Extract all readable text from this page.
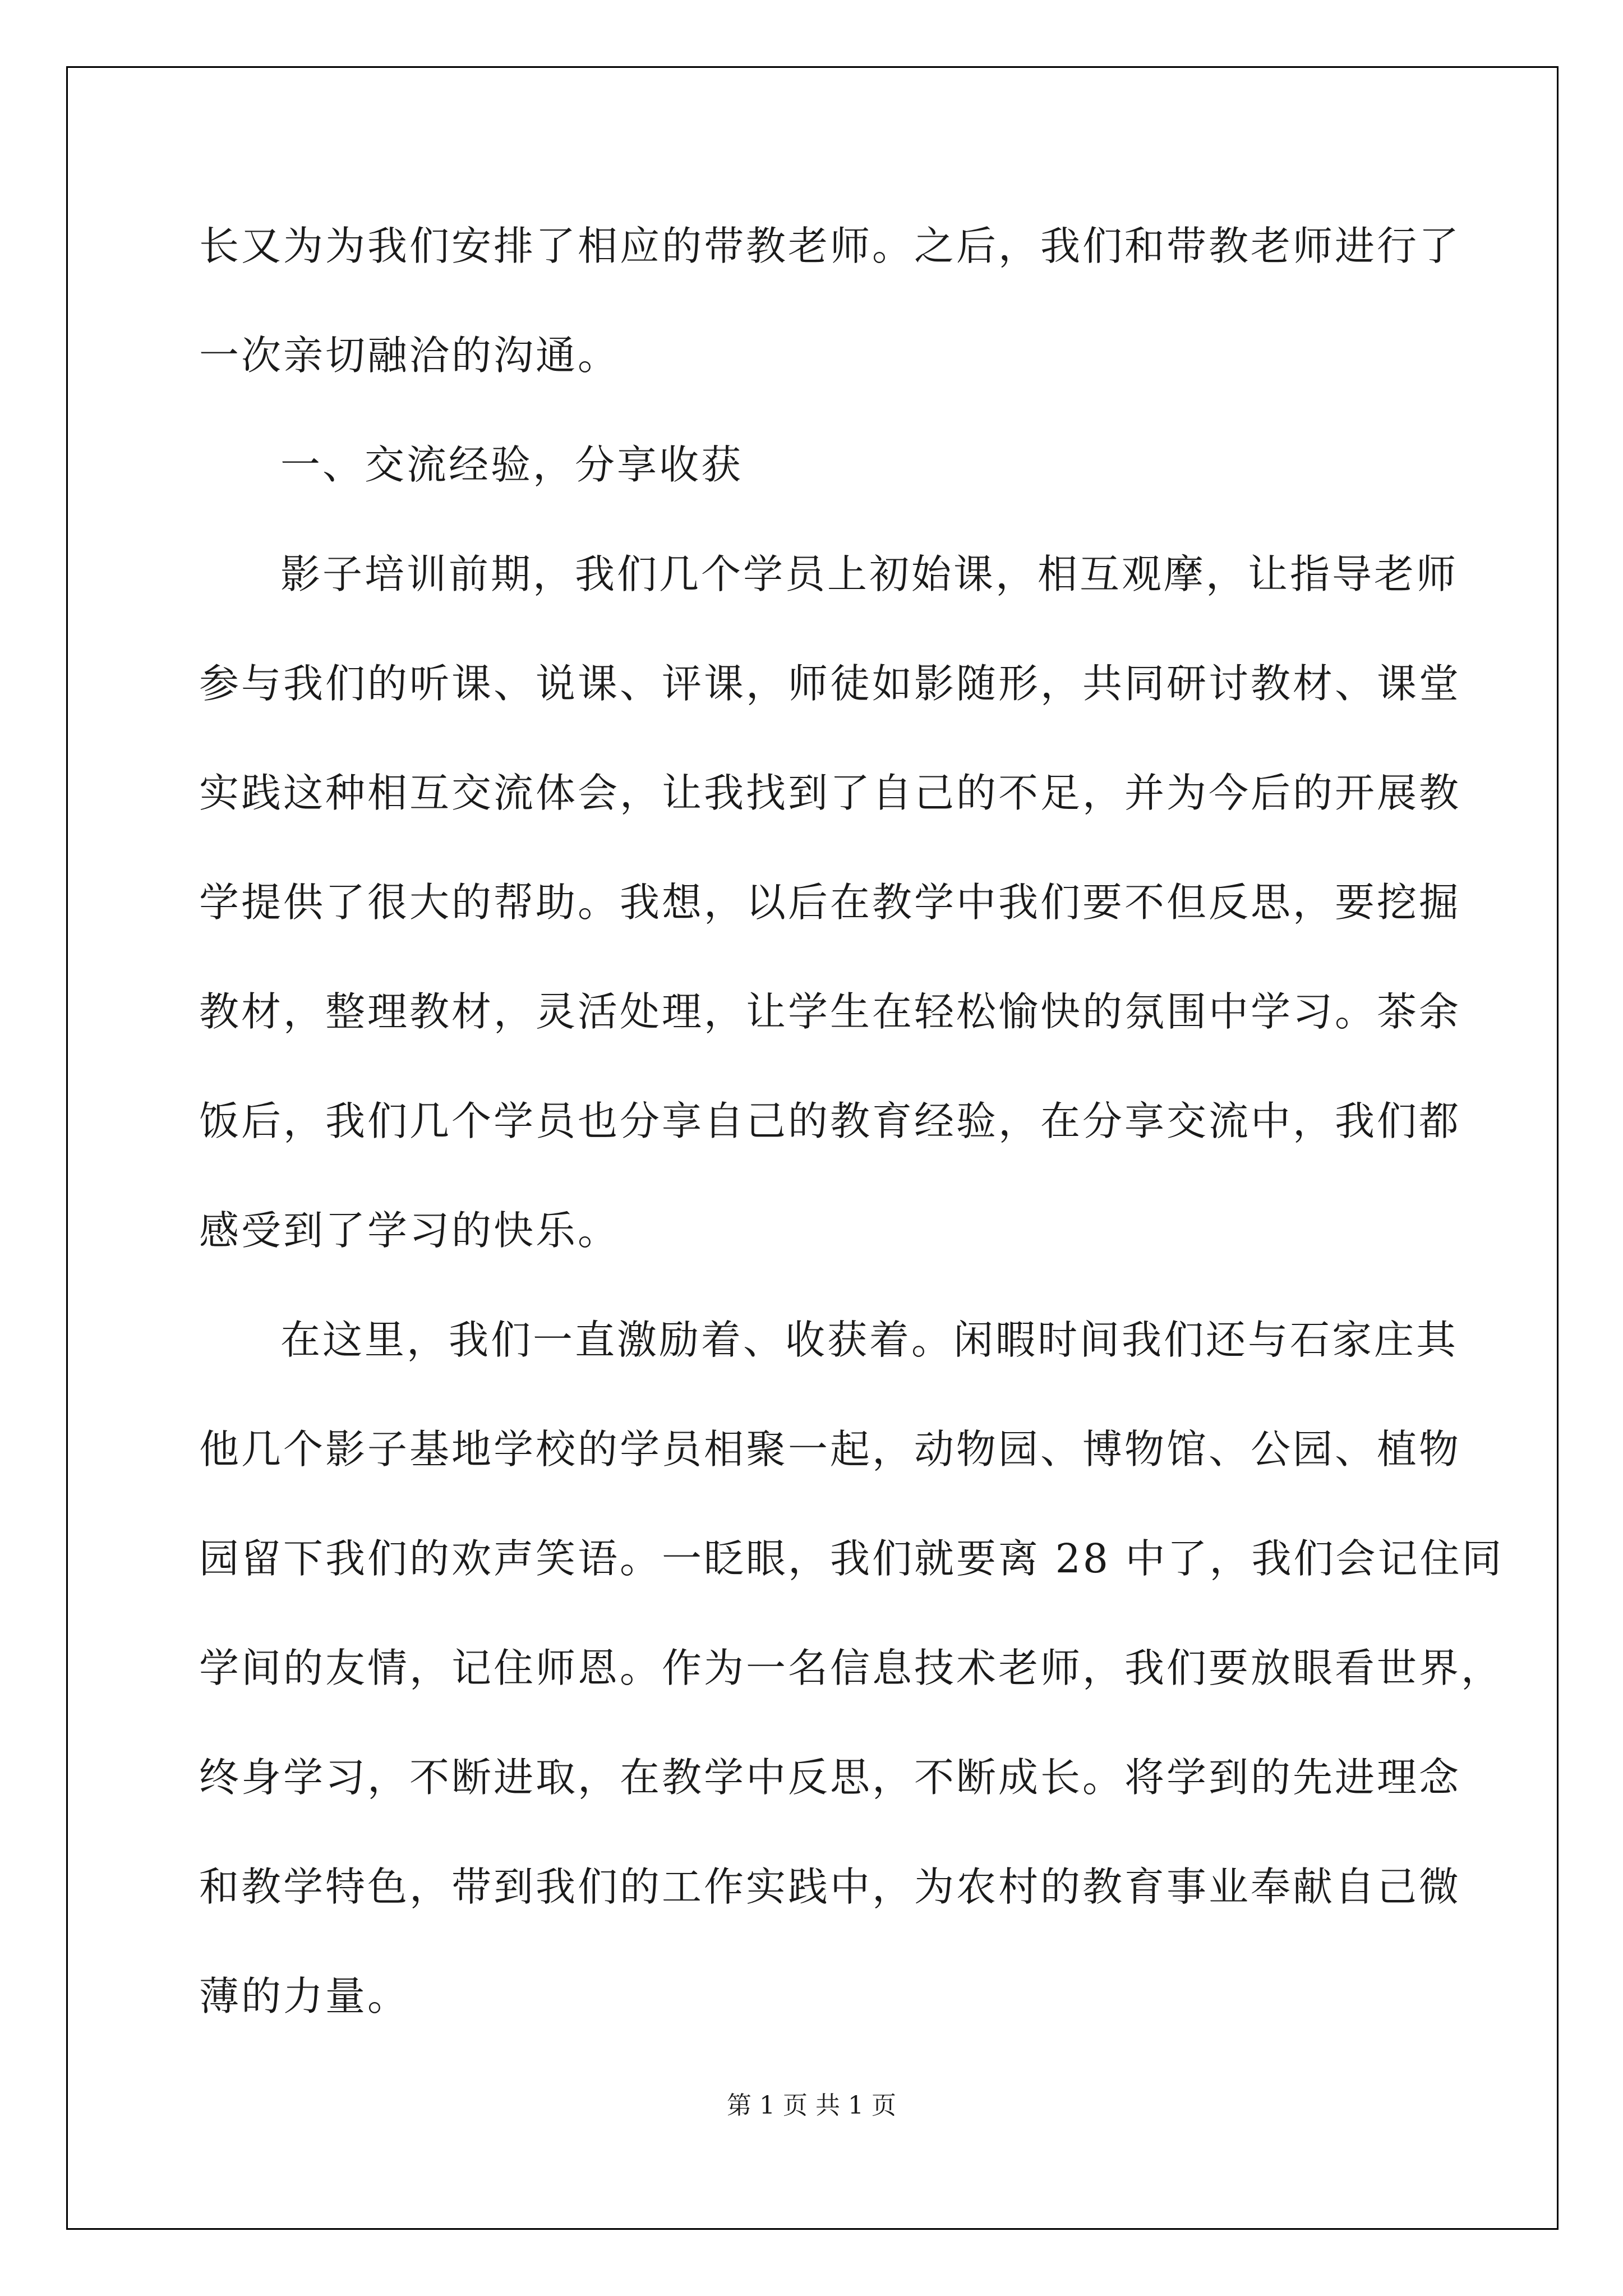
长又为为我们安排了相应的带教老师。之后，我们和带教老师进行了
一次亲切融洽的沟通。
一、交流经验，分享收获
影子培训前期，我们几个学员上初始课，相互观摩，让指导老师
参与我们的听课、说课、评课，师徒如影随形，共同研讨教材、课堂
实践这种相互交流体会，让我找到了自己的不足，并为今后的开展教
学提供了很大的帮助。我想，以后在教学中我们要不但反思，要挖掘
教材，整理教材，灵活处理，让学生在轻松愉快的氛围中学习。茶余
饭后，我们几个学员也分享自己的教育经验，在分享交流中，我们都
感受到了学习的快乐。
在这里，我们一直激励着、收获着。闲暇时间我们还与石家庄其
他几个影子基地学校的学员相聚一起，动物园、博物馆、公园、植物
园留下我们的欢声笑语。一眨眼，我们就要离 28 中了，我们会记住同
学间的友情，记住师恩。作为一名信息技术老师，我们要放眼看世界，
终身学习，不断进取，在教学中反思，不断成长。将学到的先进理念
和教学特色，带到我们的工作实践中，为农村的教育事业奉献自己微
薄的力量。
第 1 页 共 1 页
